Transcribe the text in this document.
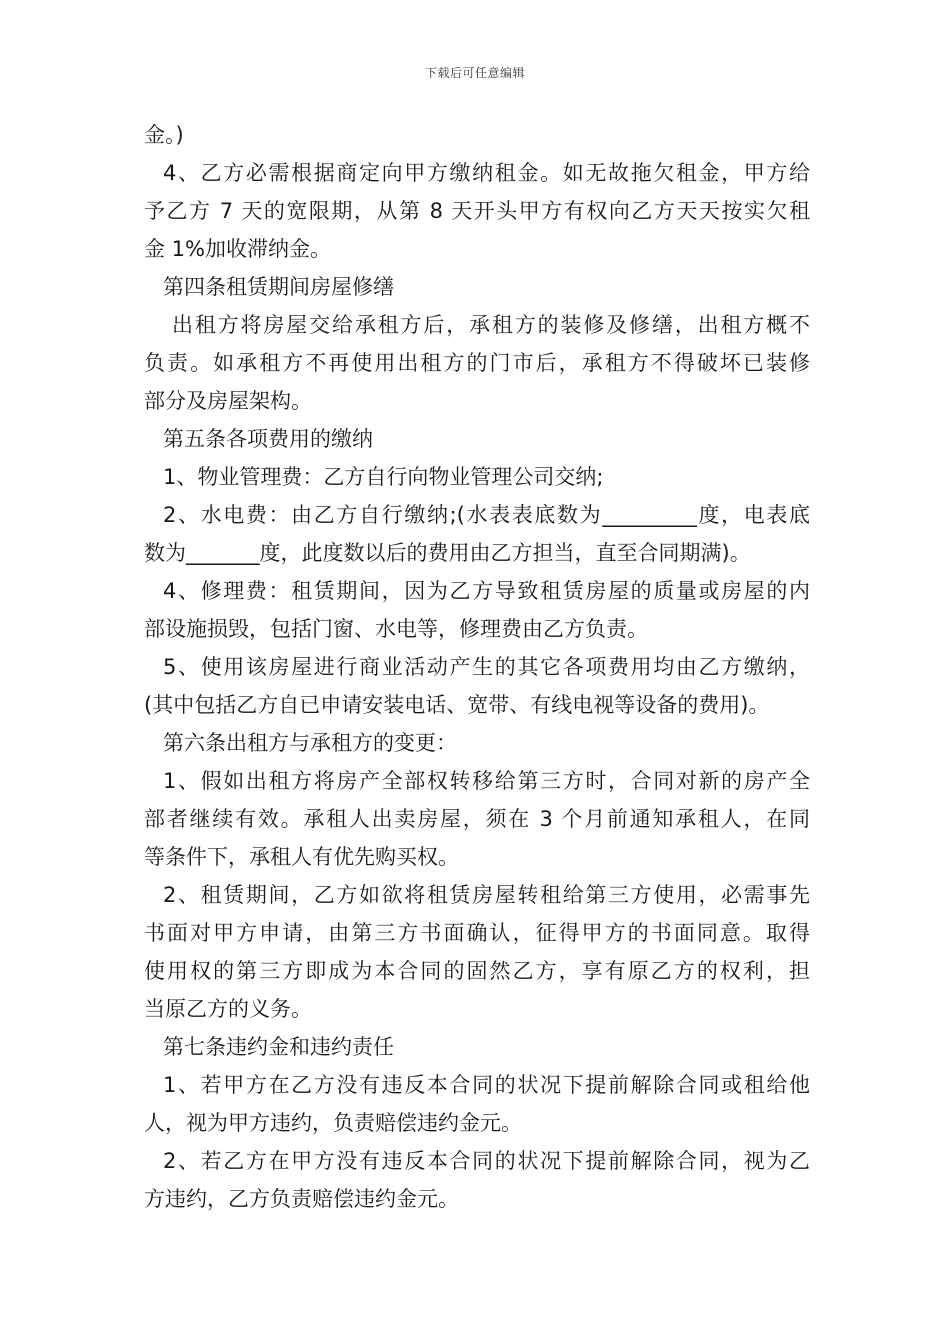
下载后可任意编辑
金。)
4、乙方必需根据商定向甲方缴纳租金。如无故拖欠租金，甲方给
予乙方 7 天的宽限期，从第 8 天开头甲方有权向乙方天天按实欠租
金 1%加收滞纳金。
第四条租赁期间房屋修缮
出租方将房屋交给承租方后，承租方的装修及修缮，出租方概不
负责。如承租方不再使用出租方的门市后，承租方不得破坏已装修
部分及房屋架构。
第五条各项费用的缴纳
1、物业管理费：乙方自行向物业管理公司交纳;
2、水电费：由乙方自行缴纳;(水表表底数为_________度，电表底
数为_______度，此度数以后的费用由乙方担当，直至合同期满)。
4、修理费：租赁期间，因为乙方导致租赁房屋的质量或房屋的内
部设施损毁，包括门窗、水电等，修理费由乙方负责。
5、使用该房屋进行商业活动产生的其它各项费用均由乙方缴纳，
(其中包括乙方自已申请安装电话、宽带、有线电视等设备的费用)。
第六条出租方与承租方的变更：
1、假如出租方将房产全部权转移给第三方时，合同对新的房产全
部者继续有效。承租人出卖房屋，须在 3 个月前通知承租人，在同
等条件下，承租人有优先购买权。
2、租赁期间，乙方如欲将租赁房屋转租给第三方使用，必需事先
书面对甲方申请，由第三方书面确认，征得甲方的书面同意。取得
使用权的第三方即成为本合同的固然乙方，享有原乙方的权利，担
当原乙方的义务。
第七条违约金和违约责任
1、若甲方在乙方没有违反本合同的状况下提前解除合同或租给他
人，视为甲方违约，负责赔偿违约金元。
2、若乙方在甲方没有违反本合同的状况下提前解除合同，视为乙
方违约，乙方负责赔偿违约金元。
